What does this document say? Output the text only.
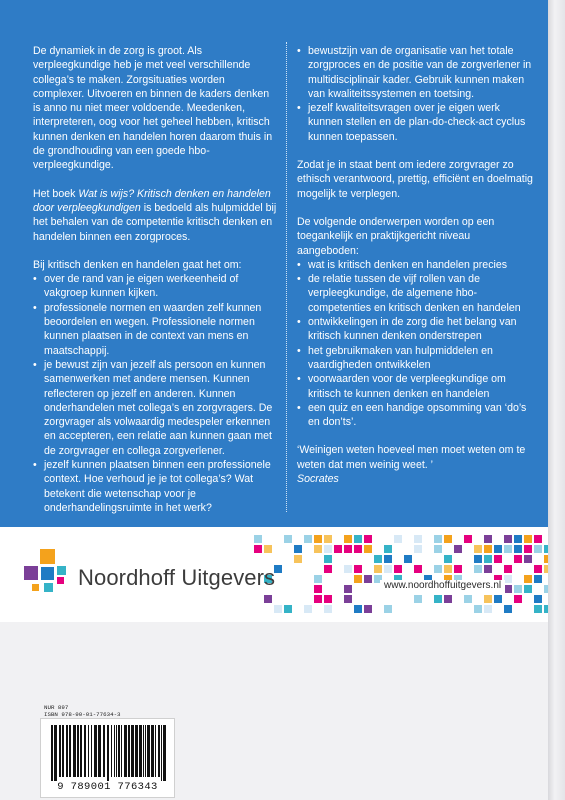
De dynamiek in de zorg is groot. Als verpleegkundige heb je met veel verschillende collega’s te maken. Zorgsituaties worden complexer. Uitvoeren en binnen de kaders denken is anno nu niet meer voldoende. Meedenken, interpreteren, oog voor het geheel hebben, kritisch kunnen denken en handelen horen daarom thuis in de grondhouding van een goede hbo-verpleegkundige.

Het boek Wat is wijs? Kritisch denken en handelen door verpleegkundigen is bedoeld als hulpmiddel bij het behalen van de competentie kritisch denken en handelen binnen een zorgproces.

Bij kritisch denken en handelen gaat het om:

• over de rand van je eigen werkeenheid of vakgroep kunnen kijken.
• professionele normen en waarden zelf kunnen beoordelen en wegen. Professionele normen kunnen plaatsen in de context van mens en maatschappij.
• je bewust zijn van jezelf als persoon en kunnen samenwerken met andere mensen. Kunnen reflecteren op jezelf en anderen. Kunnen onderhandelen met collega’s en zorgvragers. De zorgvrager als volwaardig medespeler erkennen en accepteren, een relatie aan kunnen gaan met de zorgvrager en collega zorgverlener.
• jezelf kunnen plaatsen binnen een professionele context. Hoe verhoud je je tot collega’s? Wat betekent die wetenschap voor je onderhandelingsruimte in het werk?
• bewustzijn van de organisatie van het totale zorgproces en de positie van de zorgverlener in multidisciplinair kader. Gebruik kunnen maken van kwaliteitssystemen en toetsing.
• jezelf kwaliteitsvragen over je eigen werk kunnen stellen en de plan-do-check-act cyclus kunnen toepassen.

Zodat je in staat bent om iedere zorgvrager zo ethisch verantwoord, prettig, efficiënt en doelmatig mogelijk te verplegen.

De volgende onderwerpen worden op een toegankelijk en praktijkgericht niveau aangeboden:

• wat is kritisch denken en handelen precies
• de relatie tussen de vijf rollen van de verpleegkundige, de algemene hbo-competenties en kritisch denken en handelen
• ontwikkelingen in de zorg die het belang van kritisch kunnen denken onderstrepen
• het gebruikmaken van hulpmiddelen en vaardigheden ontwikkelen
• voorwaarden voor de verpleegkundige om kritisch te kunnen denken en handelen
• een quiz en een handige opsomming van ‘do’s en don’ts’.

‘Weinigen weten hoeveel men moet weten om te weten dat men weinig weet. ’
Socrates

Noordhoff Uitgevers	www.noordhoffuitgevers.nl
NUR 897
ISBN 978-90-01-77634-3
9 789001 776343
